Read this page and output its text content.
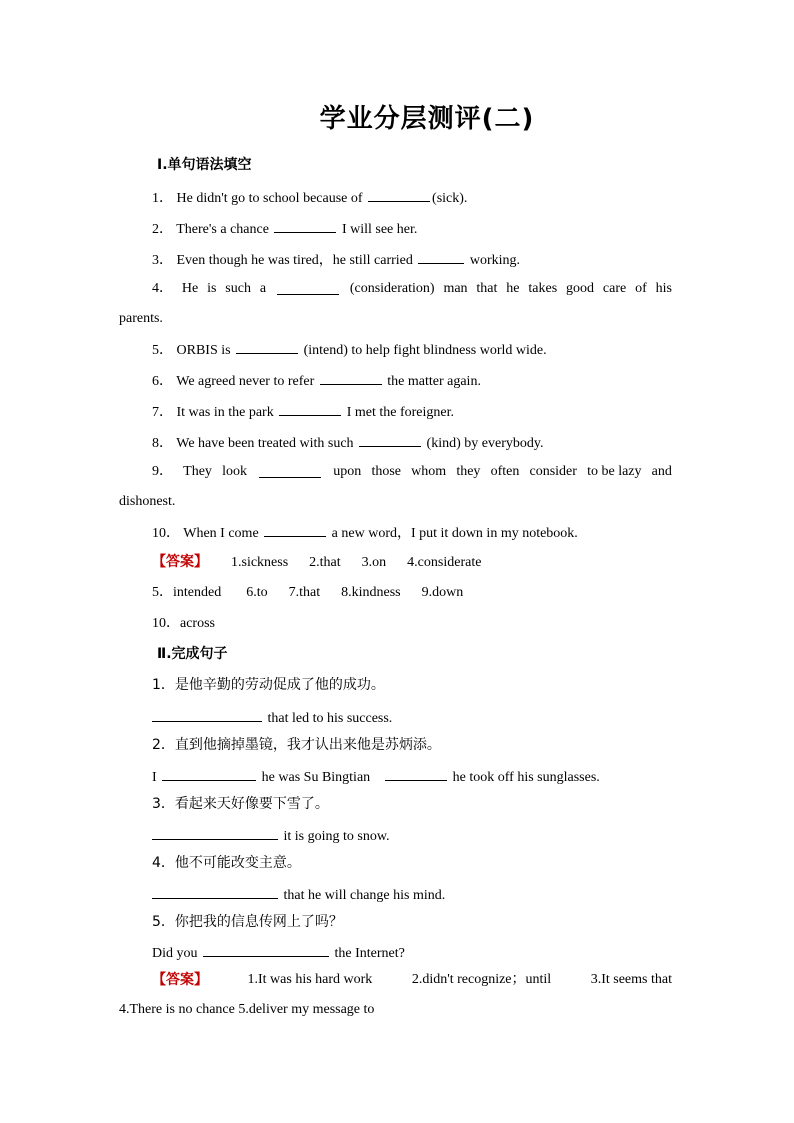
学业分层测评(二)
Ⅰ.单句语法填空
1． He didn't go to school because of	(sick).
2． There's a chance	I will see her.
3． Even though he was tired，he still carried	working.
4． He is such a	(consideration) man that he takes good care of his
parents.
5． ORBIS is	(intend) to help fight blindness world wide.
6． We agreed never to refer	the matter again.
7． It was in the park	I met the foreigner.
8． We have been treated with such	(kind) by everybody.
9． They look	upon those whom they often consider to be lazy and
dishonest.
10． When I come	a new word，I put it down in my notebook.
【答案】 1.sickness 2.that 3.on 4.considerate
5．intended 6.to 7.that 8.kindness 9.down
10．across
Ⅱ.完成句子
1．是他辛勤的劳动促成了他的成功。
that led to his success.
2．直到他摘掉墨镜，我才认出来他是苏炳添。
I	he was Su Bingtian	he took off his sunglasses.
3．看起来天好像要下雪了。
it is going to snow.
4．他不可能改变主意。
that he will change his mind.
5．你把我的信息传网上了吗？
Did you	the Internet?
【答案】	1.It was his hard work	2.didn't recognize；until	3.It seems that
4.There is no chance 5.deliver my message to
